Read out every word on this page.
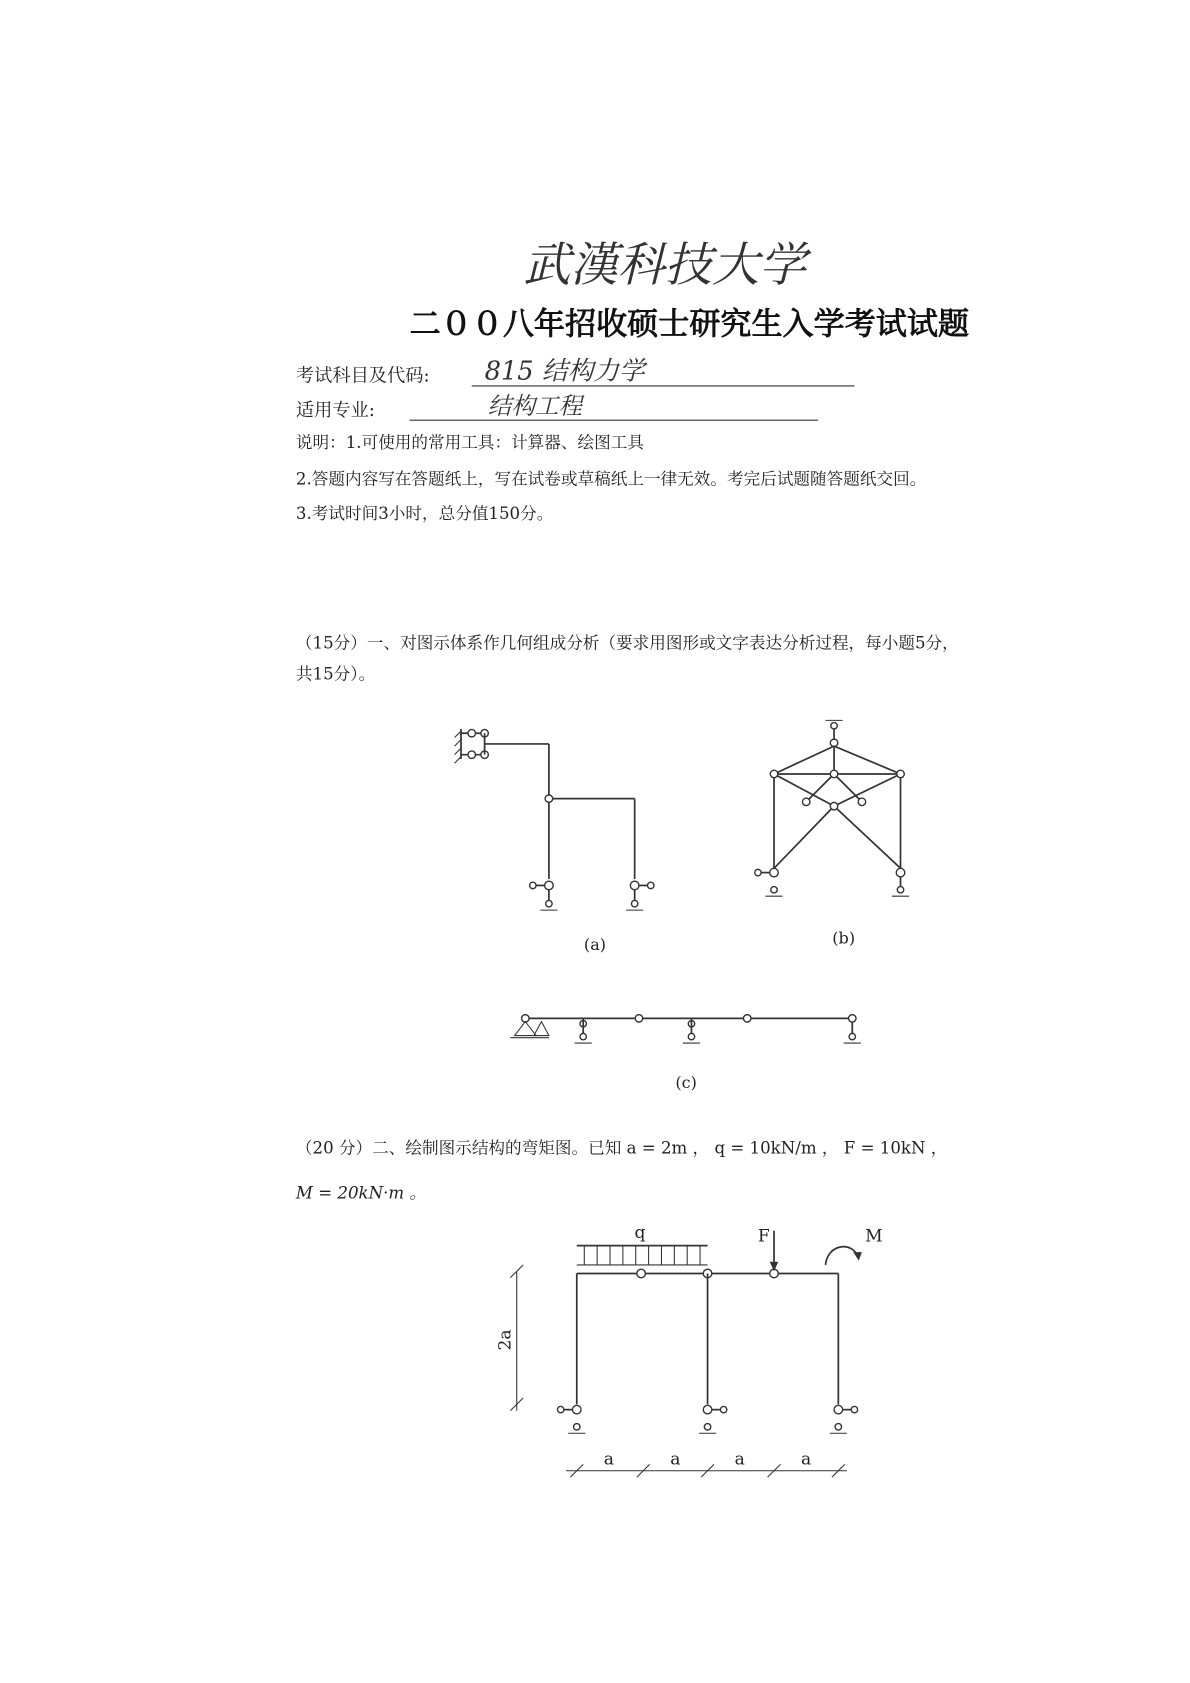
武漢科技大学
二００八年招收硕士研究生入学考试试题
考试科目及代码: 815 结构力学
适用专业:	结构工程
说明：1.可使用的常用工具：计算器、绘图工具
2.答题内容写在答题纸上，写在试卷或草稿纸上一律无效。考完后试题随答题纸交回。
3.考试时间3小时，总分值150分。
（15分）一、对图示体系作几何组成分析（要求用图形或文字表达分析过程，每小题5分，
共15分）。
(a)	(b)
(c)
（20 分）二、绘制图示结构的弯矩图。已知 a = 2m ， q = 10kN/m ， F = 10kN ，
M = 20kN·m 。
q	F	M
2a
a	a	a	a
